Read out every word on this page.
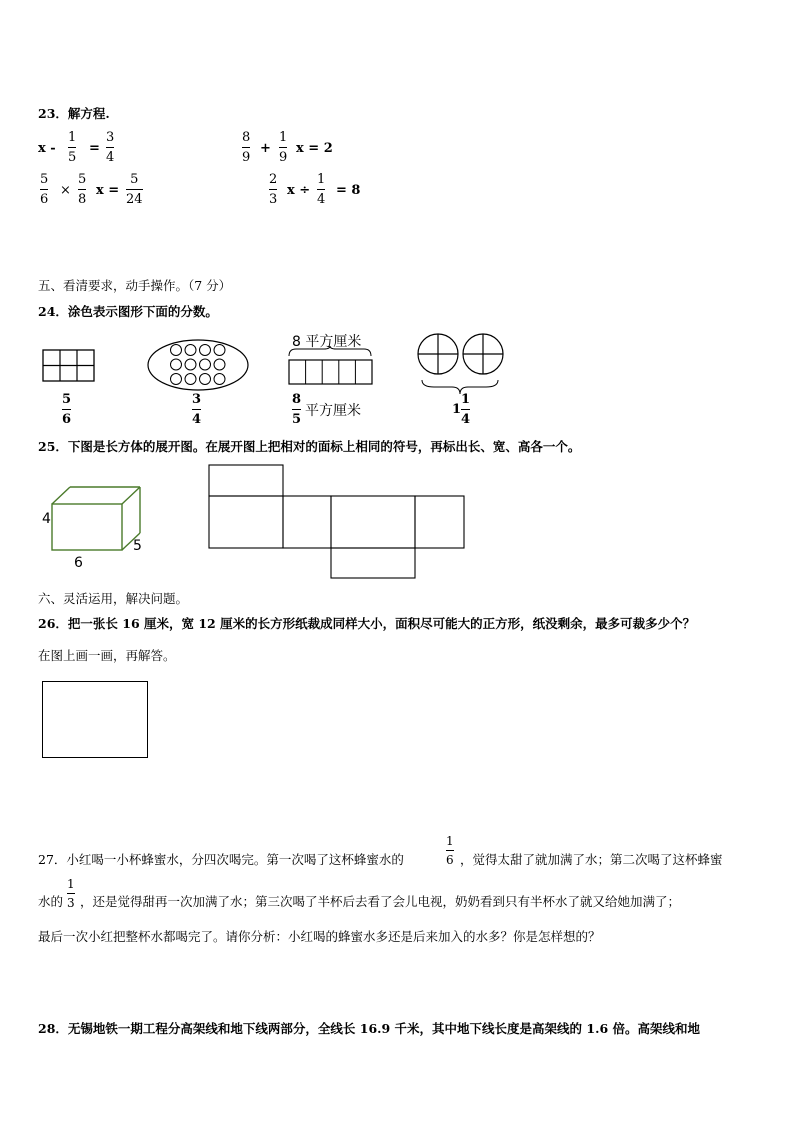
23．解方程.
x -
1
5
=
3
4
8
9
+
1
9
x = 2
5
6
×
5
8
x =
5
24
2
3
x ÷
1
4
= 8
五、看清要求，动手操作。（7 分）
24．涂色表示图形下面的分数。
5
6
3
4
8 平方厘米
8
5
平方厘米	1
1
4
25．下图是长方体的展开图。在展开图上把相对的面标上相同的符号，再标出长、宽、高各一个。
4
6
5
六、灵活运用，解决问题。
26．把一张长 16 厘米，宽 12 厘米的长方形纸裁成同样大小，面积尽可能大的正方形，纸没剩余，最多可裁多少个？
在图上画一画，再解答。
27．小红喝一小杯蜂蜜水，分四次喝完。第一次喝了这杯蜂蜜水的
1
6 ，觉得太甜了就加满了水；第二次喝了这杯蜂蜜
水的
1
3 ，还是觉得甜再一次加满了水；第三次喝了半杯后去看了会儿电视，奶奶看到只有半杯水了就又给她加满了；
最后一次小红把整杯水都喝完了。请你分析：小红喝的蜂蜜水多还是后来加入的水多？你是怎样想的？
28．无锡地铁一期工程分高架线和地下线两部分，全线长 16.9 千米，其中地下线长度是高架线的 1.6 倍。高架线和地
